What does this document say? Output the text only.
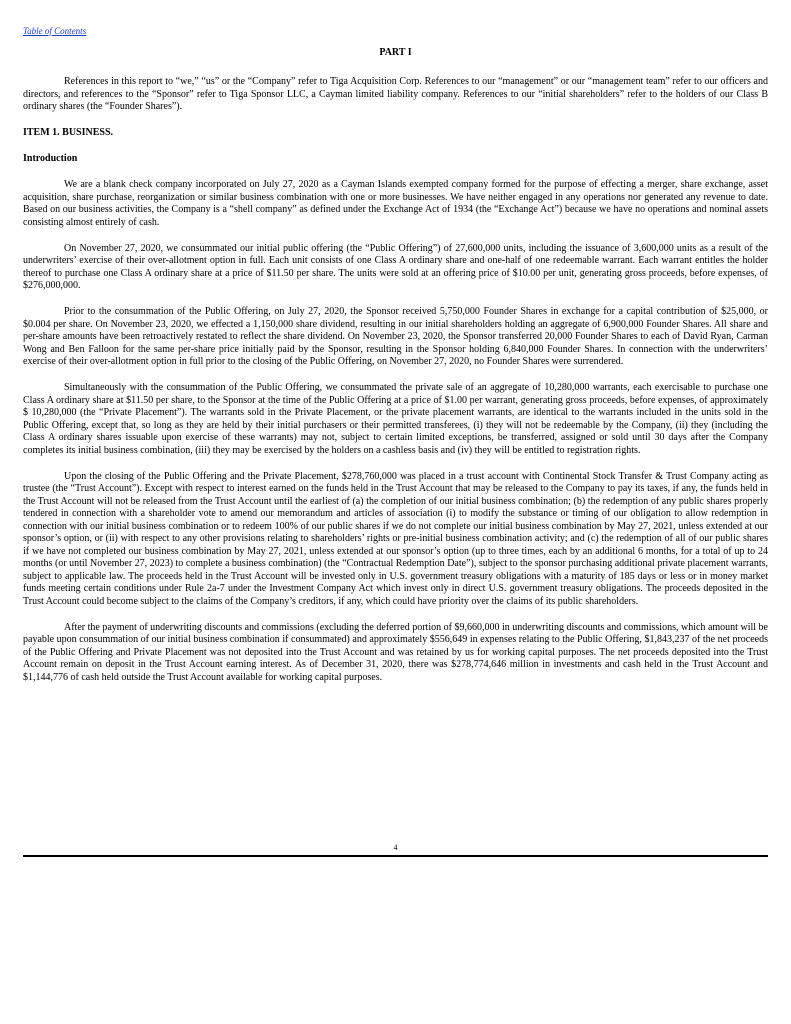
Table of Contents
PART I

References in this report to “we,” “us” or the “Company” refer to Tiga Acquisition Corp. References to our “management” or our “management team” refer to our officers and directors, and references to the “Sponsor” refer to Tiga Sponsor LLC, a Cayman limited liability company. References to our “initial shareholders” refer to the holders of our Class B ordinary shares (the “Founder Shares”).

ITEM 1. BUSINESS.
Introduction

We are a blank check company incorporated on July 27, 2020 as a Cayman Islands exempted company formed for the purpose of effecting a merger, share exchange, asset acquisition, share purchase, reorganization or similar business combination with one or more businesses. We have neither engaged in any operations nor generated any revenue to date. Based on our business activities, the Company is a “shell company” as defined under the Exchange Act of 1934 (the “Exchange Act”) because we have no operations and nominal assets consisting almost entirely of cash.

On November 27, 2020, we consummated our initial public offering (the “Public Offering”) of 27,600,000 units, including the issuance of 3,600,000 units as a result of the underwriters’ exercise of their over-allotment option in full. Each unit consists of one Class A ordinary share and one-half of one redeemable warrant. Each warrant entitles the holder thereof to purchase one Class A ordinary share at a price of $11.50 per share. The units were sold at an offering price of $10.00 per unit, generating gross proceeds, before expenses, of $276,000,000.

Prior to the consummation of the Public Offering, on July 27, 2020, the Sponsor received 5,750,000 Founder Shares in exchange for a capital contribution of $25,000, or $0.004 per share. On November 23, 2020, we effected a 1,150,000 share dividend, resulting in our initial shareholders holding an aggregate of 6,900,000 Founder Shares. All share and per-share amounts have been retroactively restated to reflect the share dividend. On November 23, 2020, the Sponsor transferred 20,000 Founder Shares to each of David Ryan, Carman Wong and Ben Falloon for the same per-share price initially paid by the Sponsor, resulting in the Sponsor holding 6,840,000 Founder Shares. In connection with the underwriters’ exercise of their over-allotment option in full prior to the closing of the Public Offering, on November 27, 2020, no Founder Shares were surrendered.

Simultaneously with the consummation of the Public Offering, we consummated the private sale of an aggregate of 10,280,000 warrants, each exercisable to purchase one Class A ordinary share at $11.50 per share, to the Sponsor at the time of the Public Offering at a price of $1.00 per warrant, generating gross proceeds, before expenses, of approximately $ 10,280,000 (the “Private Placement”). The warrants sold in the Private Placement, or the private placement warrants, are identical to the warrants included in the units sold in the Public Offering, except that, so long as they are held by their initial purchasers or their permitted transferees, (i) they will not be redeemable by the Company, (ii) they (including the Class A ordinary shares issuable upon exercise of these warrants) may not, subject to certain limited exceptions, be transferred, assigned or sold until 30 days after the Company completes its initial business combination, (iii) they may be exercised by the holders on a cashless basis and (iv) they will be entitled to registration rights.

Upon the closing of the Public Offering and the Private Placement, $278,760,000 was placed in a trust account with Continental Stock Transfer & Trust Company acting as trustee (the “Trust Account”). Except with respect to interest earned on the funds held in the Trust Account that may be released to the Company to pay its taxes, if any, the funds held in the Trust Account will not be released from the Trust Account until the earliest of (a) the completion of our initial business combination; (b) the redemption of any public shares properly tendered in connection with a shareholder vote to amend our memorandum and articles of association (i) to modify the substance or timing of our obligation to allow redemption in connection with our initial business combination or to redeem 100% of our public shares if we do not complete our initial business combination by May 27, 2021, unless extended at our sponsor’s option, or (ii) with respect to any other provisions relating to shareholders’ rights or pre-initial business combination activity; and (c) the redemption of all of our public shares if we have not completed our business combination by May 27, 2021, unless extended at our sponsor’s option (up to three times, each by an additional 6 months, for a total of up to 24 months (or until November 27, 2023) to complete a business combination) (the “Contractual Redemption Date”), subject to the sponsor purchasing additional private placement warrants, subject to applicable law. The proceeds held in the Trust Account will be invested only in U.S. government treasury obligations with a maturity of 185 days or less or in money market funds meeting certain conditions under Rule 2a-7 under the Investment Company Act which invest only in direct U.S. government treasury obligations. The proceeds deposited in the Trust Account could become subject to the claims of the Company’s creditors, if any, which could have priority over the claims of its public shareholders.

After the payment of underwriting discounts and commissions (excluding the deferred portion of $9,660,000 in underwriting discounts and commissions, which amount will be payable upon consummation of our initial business combination if consummated) and approximately $556,649 in expenses relating to the Public Offering, $1,843,237 of the net proceeds of the Public Offering and Private Placement was not deposited into the Trust Account and was retained by us for working capital purposes. The net proceeds deposited into the Trust Account remain on deposit in the Trust Account earning interest. As of December 31, 2020, there was $278,774,646 million in investments and cash held in the Trust Account and $1,144,776 of cash held outside the Trust Account available for working capital purposes.

4
